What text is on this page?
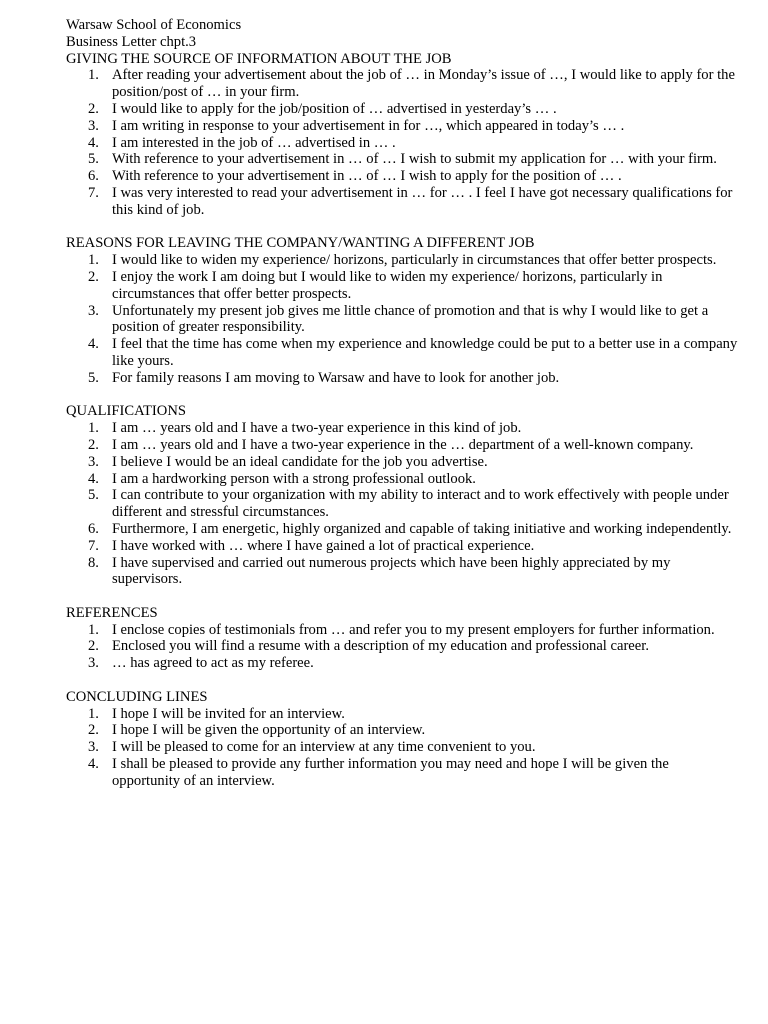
Warsaw School of Economics

Business Letter chpt.3

GIVING THE SOURCE OF INFORMATION ABOUT THE JOB

1. After reading your advertisement about the job of … in Monday’s issue of …, I would like to apply for the position/post of … in your firm.
2. I would like to apply for the job/position of … advertised in yesterday’s … .
3. I am writing in response to your advertisement in for …, which appeared in today’s … .
4. I am interested in the job of … advertised in … .
5. With reference to your advertisement in … of … I wish to submit my application for … with your firm.
6. With reference to your advertisement in … of … I wish to apply for the position of … .
7. I was very interested to read your advertisement in … for … . I feel I have got necessary qualifications for this kind of job.

REASONS FOR LEAVING THE COMPANY/WANTING A DIFFERENT JOB

1. I would like to widen my experience/ horizons, particularly in circumstances that offer better prospects.
2. I enjoy the work I am doing but I would like to widen my experience/ horizons, particularly in circumstances that offer better prospects.
3. Unfortunately my present job gives me little chance of promotion and that is why I would like to get a position of greater responsibility.
4. I feel that the time has come when my experience and knowledge could be put to a better use in a company like yours.
5. For family reasons I am moving to Warsaw and have to look for another job.

QUALIFICATIONS

1. I am … years old and I have a two-year experience in this kind of job.
2. I am … years old and I have a two-year experience in the … department of a well-known company.
3. I believe I would be an ideal candidate for the job you advertise.
4. I am a hardworking person with a strong professional outlook.
5. I can contribute to your organization with my ability to interact and to work effectively with people under different and stressful circumstances.
6. Furthermore, I am energetic, highly organized and capable of taking initiative and working independently.
7. I have worked with … where I have gained a lot of practical experience.
8. I have supervised and carried out numerous projects which have been highly appreciated by my supervisors.

REFERENCES

1. I enclose copies of testimonials from … and refer you to my present employers for further information.
2. Enclosed you will find a resume with a description of my education and professional career.
3. … has agreed to act as my referee.

CONCLUDING LINES

1. I hope I will be invited for an interview.
2. I hope I will be given the opportunity of an interview.
3. I will be pleased to come for an interview at any time convenient to you.
4. I shall be pleased to provide any further information you may need and hope I will be given the opportunity of an interview.
